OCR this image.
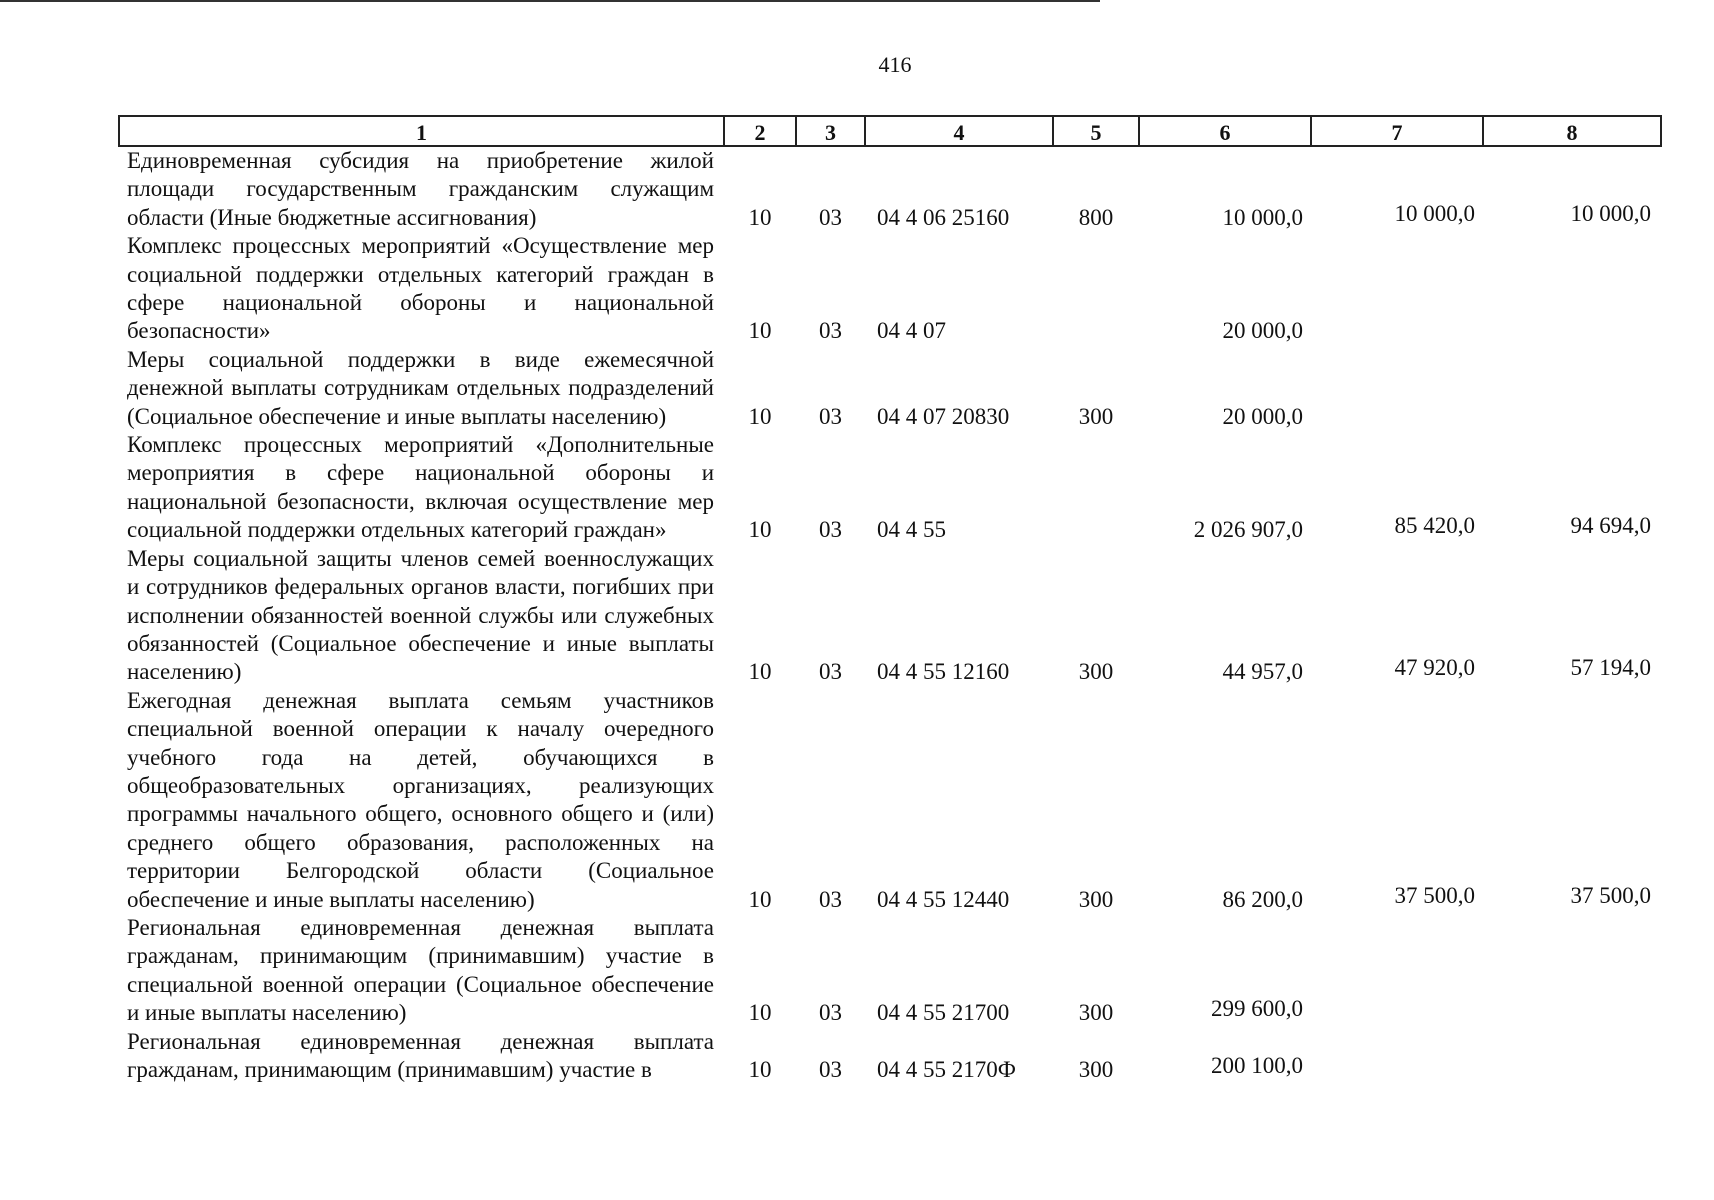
416
1	2	3	4	5	6	7	8
Единовременная субсидия на приобретение жилой площади государственным гражданским служащим области (Иные бюджетные ассигнования)	10	03	04 4 06 25160	800	10 000,0	10 000,0	10 000,0
Комплекс процессных мероприятий «Осуществление мер социальной поддержки отдельных категорий граждан в сфере национальной обороны и национальной безопасности»	10	03	04 4 07		20 000,0		
Меры социальной поддержки в виде ежемесячной денежной выплаты сотрудникам отдельных подразделений (Социальное обеспечение и иные выплаты населению)	10	03	04 4 07 20830	300	20 000,0		
Комплекс процессных мероприятий «Дополнительные мероприятия в сфере национальной обороны и национальной безопасности, включая осуществление мер социальной поддержки отдельных категорий граждан»	10	03	04 4 55		2 026 907,0	85 420,0	94 694,0
Меры социальной защиты членов семей военнослужащих и сотрудников федеральных органов власти, погибших при исполнении обязанностей военной службы или служебных обязанностей (Социальное обеспечение и иные выплаты населению)	10	03	04 4 55 12160	300	44 957,0	47 920,0	57 194,0
Ежегодная денежная выплата семьям участников специальной военной операции к началу очередного учебного года на детей, обучающихся в общеобразовательных организациях, реализующих программы начального общего, основного общего и (или) среднего общего образования, расположенных на территории Белгородской области (Социальное обеспечение и иные выплаты населению)	10	03	04 4 55 12440	300	86 200,0	37 500,0	37 500,0
Региональная единовременная денежная выплата гражданам, принимающим (принимавшим) участие в специальной военной операции (Социальное обеспечение и иные выплаты населению)	10	03	04 4 55 21700	300	299 600,0		
Региональная единовременная денежная выплата гражданам, принимающим (принимавшим) участие в	10	03	04 4 55 2170Ф	300	200 100,0		
